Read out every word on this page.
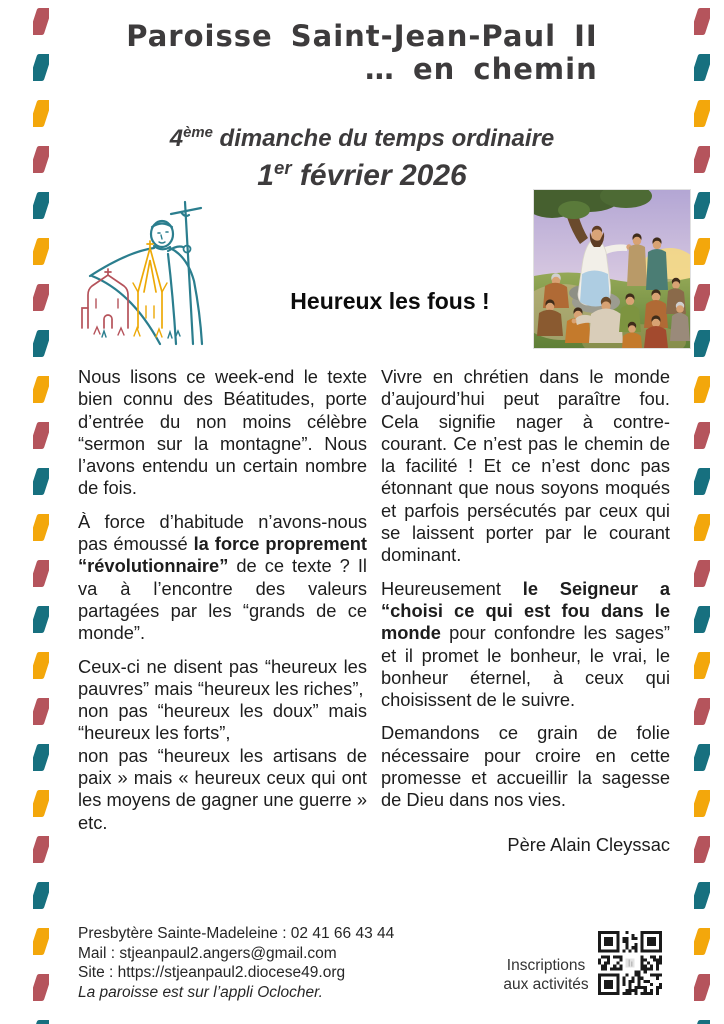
Paroisse Saint-Jean-Paul II
… en chemin
4ème dimanche du temps ordinaire
1er février 2026
Heureux les fous !

Nous lisons ce week-end le texte bien connu des Béatitudes, porte d’entrée du non moins célèbre “sermon sur la montagne”. Nous l’avons entendu un certain nombre de fois.

À force d’habitude n’avons-nous pas émoussé la force proprement “révolutionnaire” de ce texte ? Il va à l’encontre des valeurs partagées par les “grands de ce monde”.

Ceux-ci ne disent pas “heureux les pauvres” mais “heureux les riches”,
non pas “heureux les doux” mais “heureux les forts”,
non pas “heureux les artisans de paix » mais « heureux ceux qui ont les moyens de gagner une guerre » etc.

Vivre en chrétien dans le monde d’aujourd’hui peut paraître fou. Cela signifie nager à contre-courant. Ce n’est pas le chemin de la facilité ! Et ce n’est donc pas étonnant que nous soyons moqués et parfois persécutés par ceux qui se laissent porter par le courant dominant.

Heureusement le Seigneur a “choisi ce qui est fou dans le monde pour confondre les sages” et il promet le bonheur, le vrai, le bonheur éternel, à ceux qui choisissent de le suivre.

Demandons ce grain de folie nécessaire pour croire en cette promesse et accueillir la sagesse de Dieu dans nos vies.

Père Alain Cleyssac
Presbytère Sainte-Madeleine : 02 41 66 43 44
Mail : stjeanpaul2.angers@gmail.com
Site : https://stjeanpaul2.diocese49.org
La paroisse est sur l’appli Oclocher.
Inscriptions
aux activités
